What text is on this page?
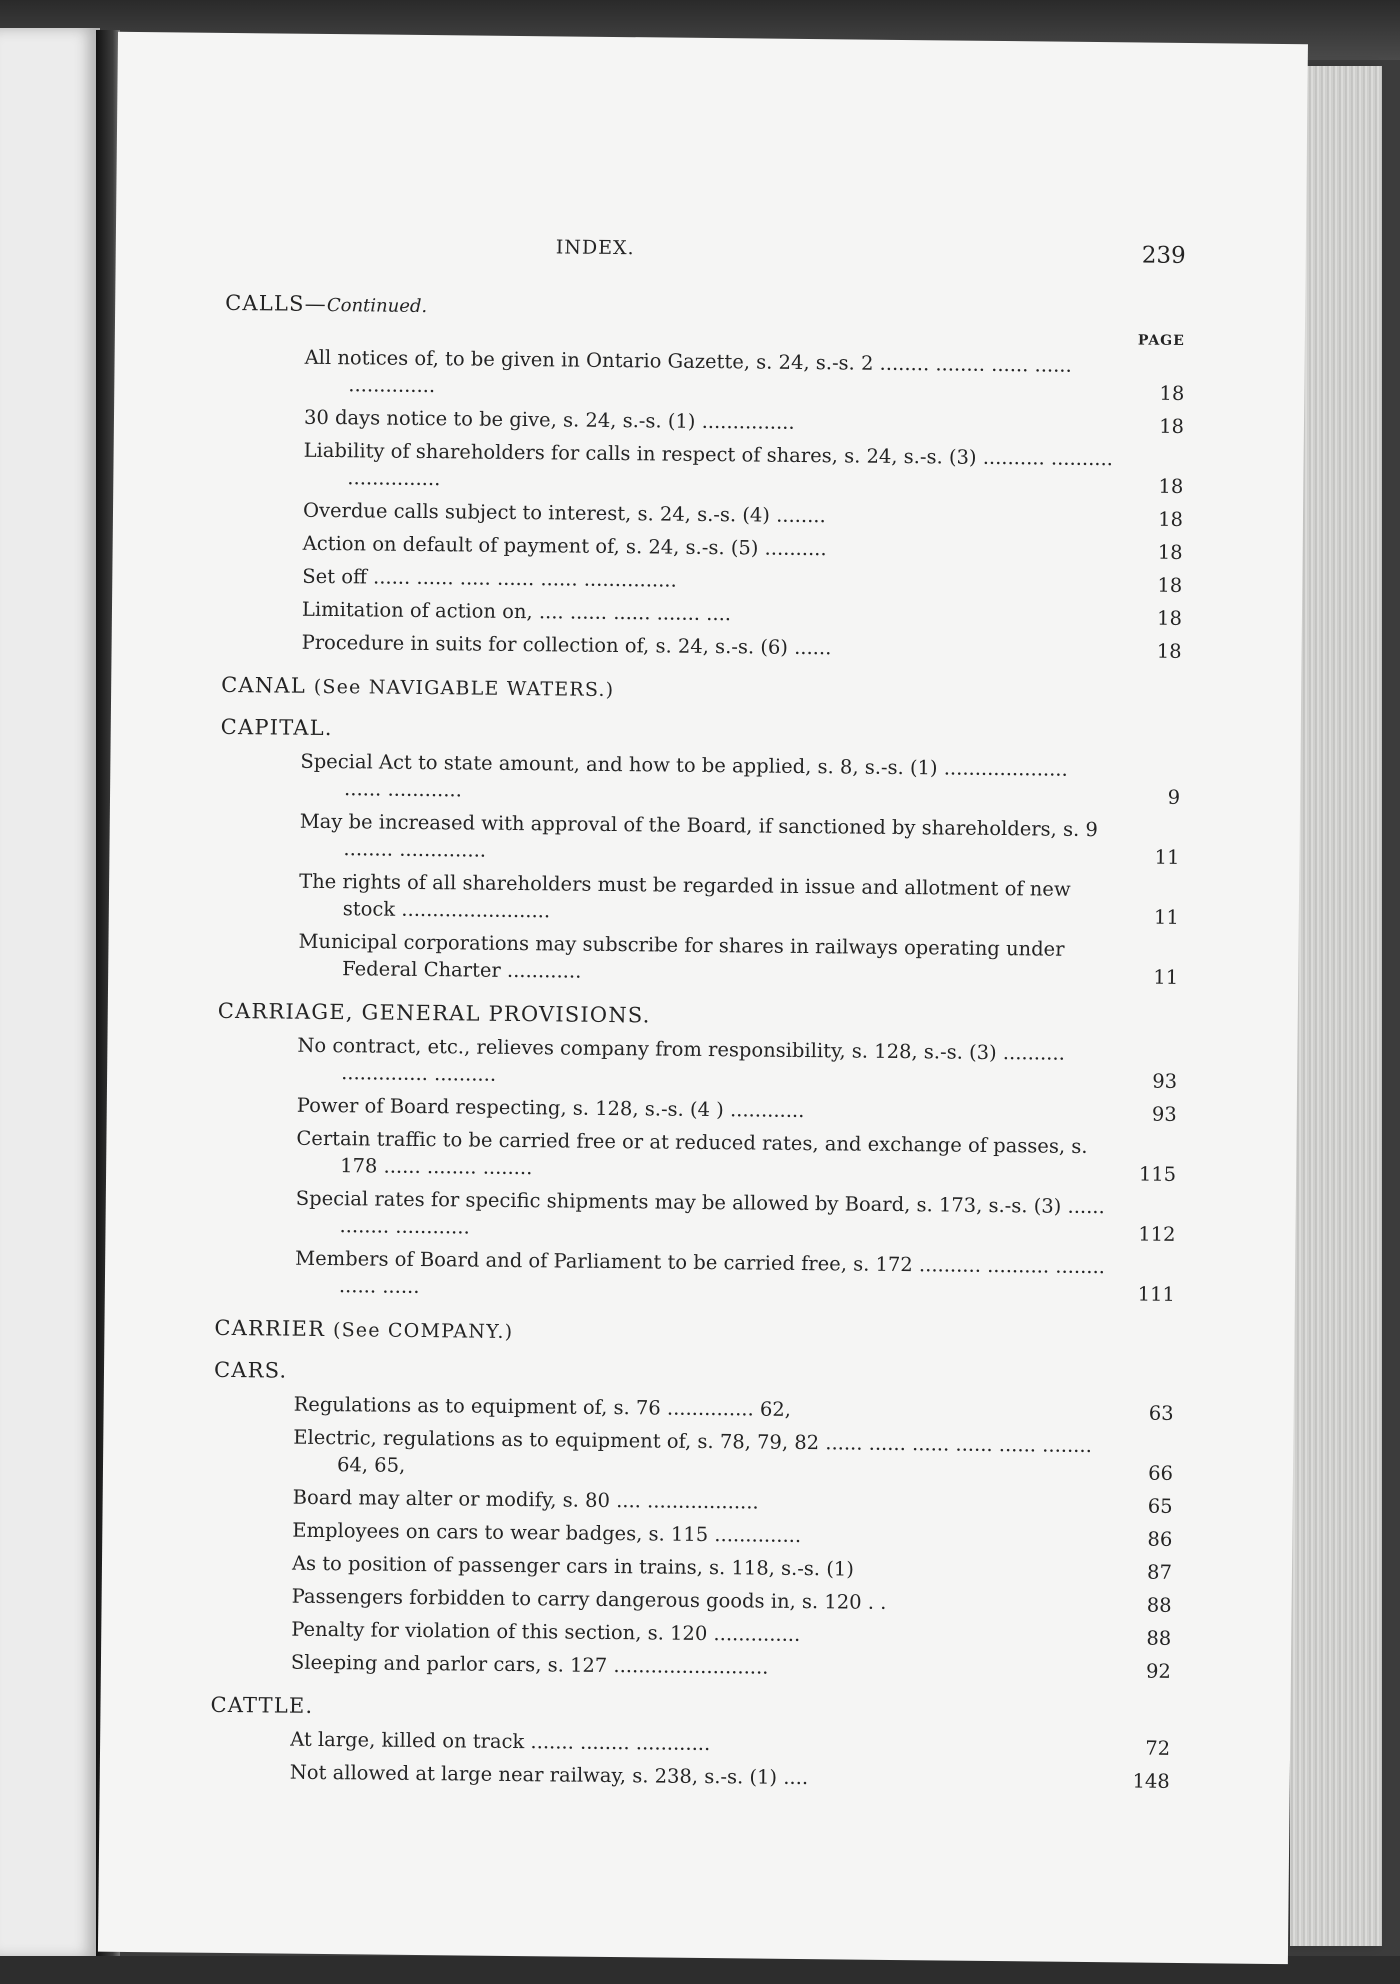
INDEX.	239
CALLS—Continued.
PAGE
All notices of, to be given in Ontario Gazette, s. 24, s.-s. 2 ........ ........ ...... ...... ..............	18
30 days notice to be give, s. 24, s.-s. (1) ...............	18
Liability of shareholders for calls in respect of shares, s. 24, s.-s. (3) .......... .......... ...............	18
Overdue calls subject to interest, s. 24, s.-s. (4) ........	18
Action on default of payment of, s. 24, s.-s. (5) ..........	18
Set off ...... ...... ..... ...... ...... ...............	18
Limitation of action on, .... ...... ...... ....... ....	18
Procedure in suits for collection of, s. 24, s.-s. (6) ......	18
CANAL (See NAVIGABLE WATERS.)
CAPITAL.
Special Act to state amount, and how to be applied, s. 8, s.-s. (1) .................... ...... ............	9
May be increased with approval of the Board, if sanctioned by shareholders, s. 9 ........ ..............	11
The rights of all shareholders must be regarded in issue and allotment of new stock ........................	11
Municipal corporations may subscribe for shares in railways operating under Federal Charter ............	11
CARRIAGE, GENERAL PROVISIONS.
No contract, etc., relieves company from responsibility, s. 128, s.-s. (3) .......... .............. ..........	93
Power of Board respecting, s. 128, s.-s. (4 ) ............	93
Certain traffic to be carried free or at reduced rates, and exchange of passes, s. 178 ...... ........ ........	115
Special rates for specific shipments may be allowed by Board, s. 173, s.-s. (3) ...... ........ ............	112
Members of Board and of Parliament to be carried free, s. 172 .......... .......... ........ ...... ......	111
CARRIER (See COMPANY.)
CARS.
Regulations as to equipment of, s. 76 .............. 62,	63
Electric, regulations as to equipment of, s. 78, 79, 82 ...... ...... ...... ...... ...... ........ 64, 65,	66
Board may alter or modify, s. 80 .... ..................	65
Employees on cars to wear badges, s. 115 ..............	86
As to position of passenger cars in trains, s. 118, s.-s. (1)	87
Passengers forbidden to carry dangerous goods in, s. 120 . .	88
Penalty for violation of this section, s. 120 ..............	88
Sleeping and parlor cars, s. 127 .........................	92
CATTLE.
At large, killed on track ....... ........ ............	72
Not allowed at large near railway, s. 238, s.-s. (1) ....	148
